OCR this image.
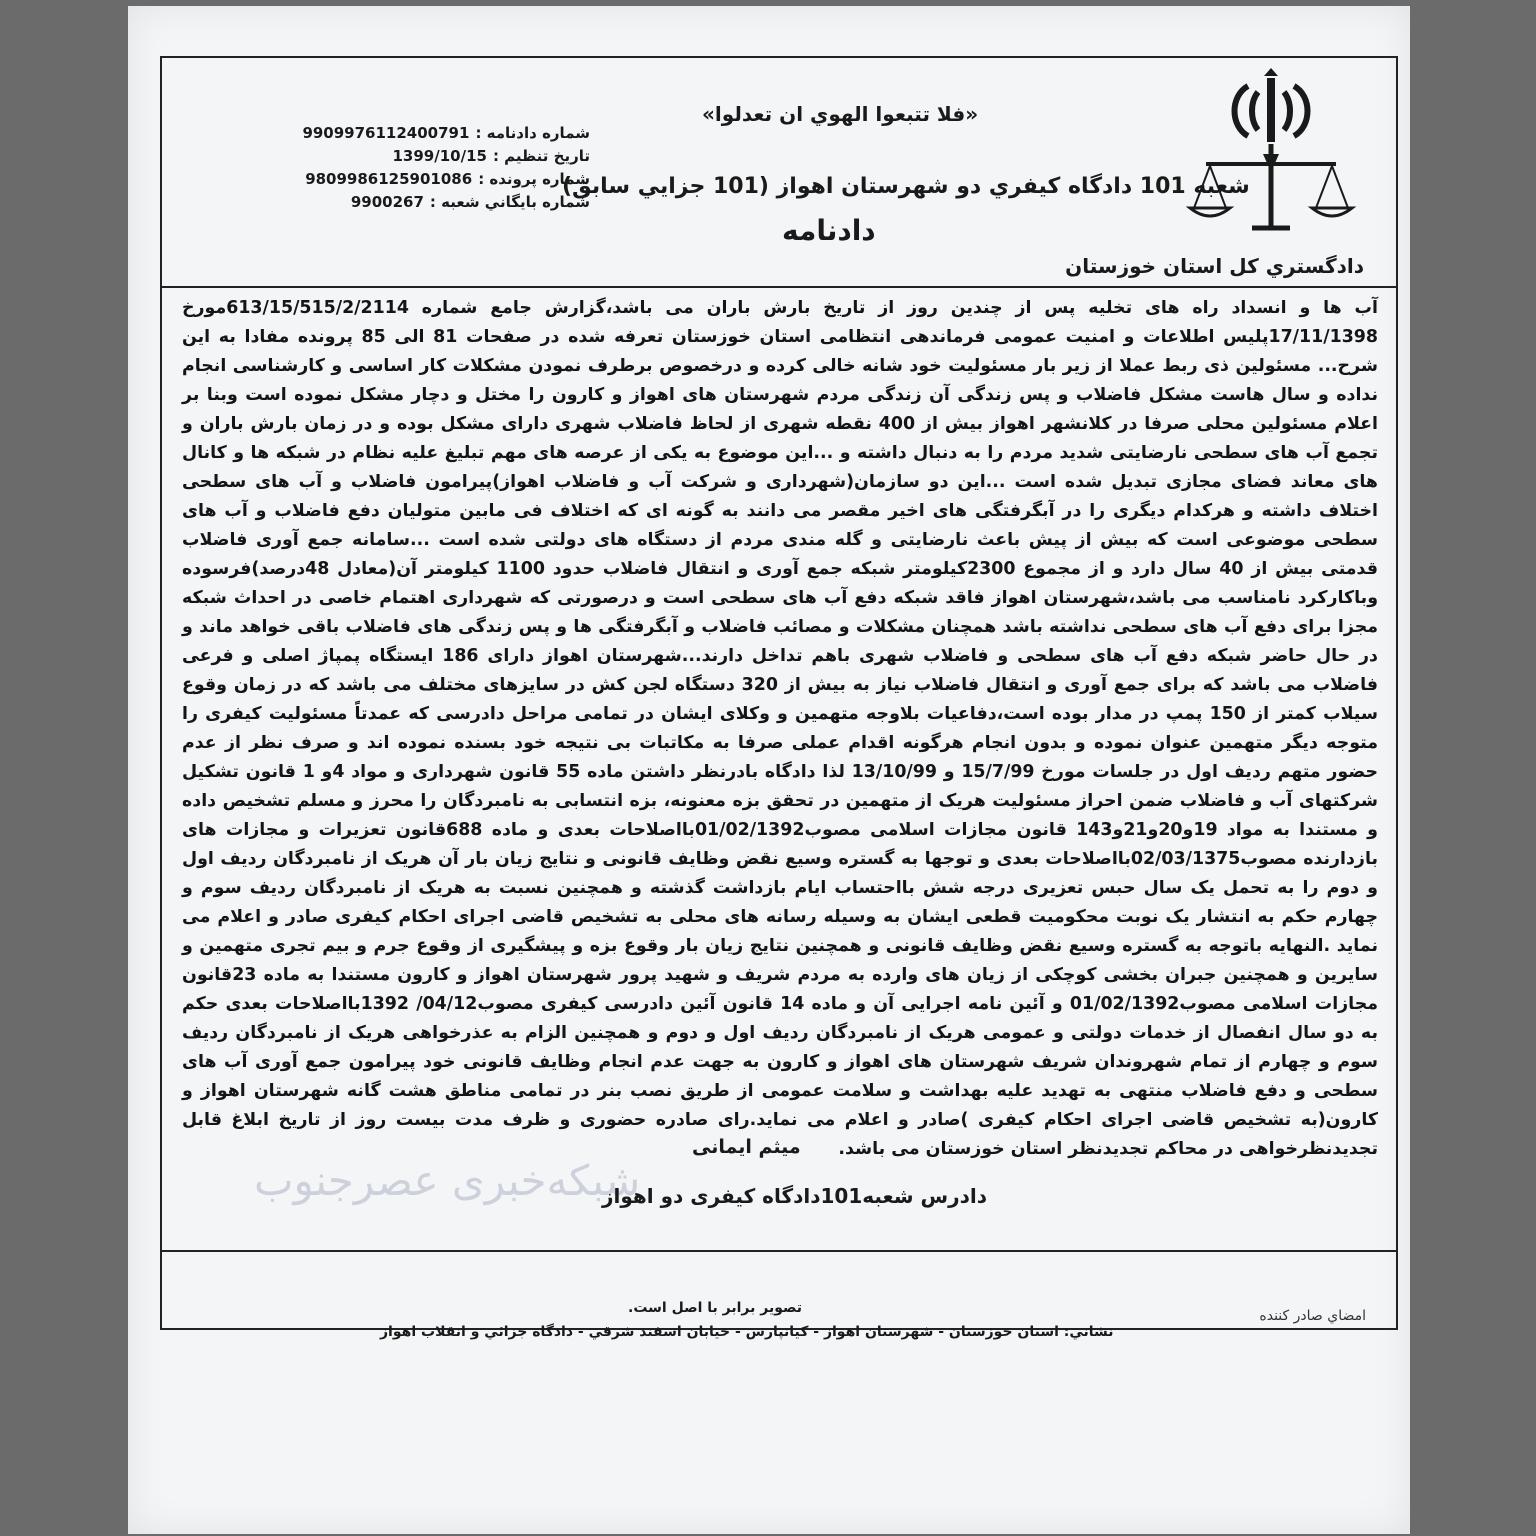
دادگستري کل استان خوزستان
«فلا تتبعوا الهوي ان تعدلوا»
شعبه 101 دادگاه کیفري دو شهرستان اهواز (101 جزایي سابق)
دادنامه
شماره دادنامه :
9909976112400791
تاریخ تنظیم :
1399/10/15
شماره پرونده :
9809986125901086
شماره بایگاني شعبه :
9900267

آب ها و انسداد راه های تخلیه پس از چندین روز از تاریخ بارش باران می باشد،گزارش جامع شماره 613/15/515/2/2114مورخ 17/11/1398پلیس اطلاعات و امنیت عمومی فرماندهی انتظامی استان خوزستان تعرفه شده در صفحات 81 الی 85 پرونده مفادا به این شرح... مسئولین ذی ربط عملا از زیر بار مسئولیت خود شانه خالی کرده و درخصوص برطرف نمودن مشکلات کار اساسی و کارشناسی انجام نداده و سال هاست مشکل فاضلاب و پس زندگی آن زندگی مردم شهرستان های اهواز و کارون را مختل و دچار مشکل نموده است وبنا بر اعلام مسئولین محلی صرفا در کلانشهر اهواز بیش از 400 نقطه شهری از لحاظ فاضلاب شهری دارای مشکل بوده و در زمان بارش باران و تجمع آب های سطحی نارضایتی شدید مردم را به دنبال داشته و ...این موضوع به یکی از عرصه های مهم تبلیغ علیه نظام در شبکه ها و کانال های معاند فضای مجازی تبدیل شده است ...این دو سازمان(شهرداری و شرکت آب و فاضلاب اهواز)پیرامون فاضلاب و آب های سطحی اختلاف داشته و هرکدام دیگری را در آبگرفتگی های اخیر مقصر می دانند به گونه ای که اختلاف فی مابین متولیان دفع فاضلاب و آب های سطحی موضوعی است که بیش از پیش باعث نارضایتی و گله مندی مردم از دستگاه های دولتی شده است ...سامانه جمع آوری فاضلاب قدمتی بیش از 40 سال دارد و از مجموع 2300کیلومتر شبکه جمع آوری و انتقال فاضلاب حدود 1100 کیلومتر آن(معادل 48درصد)فرسوده وباکارکرد نامناسب می باشد،شهرستان اهواز فاقد شبکه دفع آب های سطحی است و درصورتی که شهرداری اهتمام خاصی در احداث شبکه مجزا برای دفع آب های سطحی نداشته باشد همچنان مشکلات و مصائب فاضلاب و آبگرفتگی ها و پس زندگی های فاضلاب باقی خواهد ماند و در حال حاضر شبکه دفع آب های سطحی و فاضلاب شهری باهم تداخل دارند...شهرستان اهواز دارای 186 ایستگاه پمپاژ اصلی و فرعی فاضلاب می باشد که برای جمع آوری و انتقال فاضلاب نیاز به بیش از 320 دستگاه لجن کش در سایزهای مختلف می باشد که در زمان وقوع سیلاب کمتر از 150 پمپ در مدار بوده است،دفاعیات بلاوجه متهمین و وکلای ایشان در تمامی مراحل دادرسی که عمدتاً مسئولیت کیفری را متوجه دیگر متهمین عنوان نموده و بدون انجام هرگونه اقدام عملی صرفا به مکاتبات بی نتیجه خود بسنده نموده اند و صرف نظر از عدم حضور متهم ردیف اول در جلسات مورخ 15/7/99 و 13/10/99 لذا دادگاه بادرنظر داشتن ماده 55 قانون شهرداری و مواد 4و 1 قانون تشکیل شرکتهای آب و فاضلاب ضمن احراز مسئولیت هریک از متهمین در تحقق بزه معنونه، بزه انتسابی به نامبردگان را محرز و مسلم تشخیص داده و مستندا به مواد 19و20و21و143 قانون مجازات اسلامی مصوب01/02/1392بااصلاحات بعدی و ماده 688قانون تعزیرات و مجازات های بازدارنده مصوب02/03/1375بااصلاحات بعدی و توجها به گستره وسیع نقض وظایف قانونی و نتایج زیان بار آن هریک از نامبردگان ردیف اول و دوم را به تحمل یک سال حبس تعزیری درجه شش بااحتساب ایام بازداشت گذشته و همچنین نسبت به هریک از نامبردگان ردیف سوم و چهارم حکم به انتشار یک نوبت محکومیت قطعی ایشان به وسیله رسانه های محلی به تشخیص قاضی اجرای احکام کیفری صادر و اعلام می نماید .النهایه باتوجه به گستره وسیع نقض وظایف قانونی و همچنین نتایج زیان بار وقوع بزه و پیشگیری از وقوع جرم و بیم تجری متهمین و سایرین و همچنین جبران بخشی کوچکی از زیان های وارده به مردم شریف و شهید پرور شهرستان اهواز و کارون مستندا به ماده 23قانون مجازات اسلامی مصوب01/02/1392 و آئین نامه اجرایی آن و ماده 14 قانون آئین دادرسی کیفری مصوب04/12/ 1392بااصلاحات بعدی حکم به دو سال انفصال از خدمات دولتی و عمومی هریک از نامبردگان ردیف اول و دوم و همچنین الزام به عذرخواهی هریک از نامبردگان ردیف سوم و چهارم از تمام شهروندان شریف شهرستان های اهواز و کارون به جهت عدم انجام وظایف قانونی خود پیرامون جمع آوری آب های سطحی و دفع فاضلاب منتهی به تهدید علیه بهداشت و سلامت عمومی از طریق نصب بنر در تمامی مناطق هشت گانه شهرستان اهواز و کارون(به تشخیص قاضی اجرای احکام کیفری )صادر و اعلام می نماید.رای صادره حضوری و ظرف مدت بیست روز از تاریخ ابلاغ قابل تجدیدنظرخواهی در محاکم تجدیدنظر استان خوزستان می باشد.

شبکه‌خبری عصرجنوب
میثم ایمانی
دادرس شعبه101دادگاه کیفری دو اهواز
امضاي صادر کننده
تصویر برابر با اصل است.
نشاني: استان خوزستان - شهرستان اهواز - کیانپارس - خیابان اسفند شرقي - دادگاه جزائي و انقلاب اهواز
